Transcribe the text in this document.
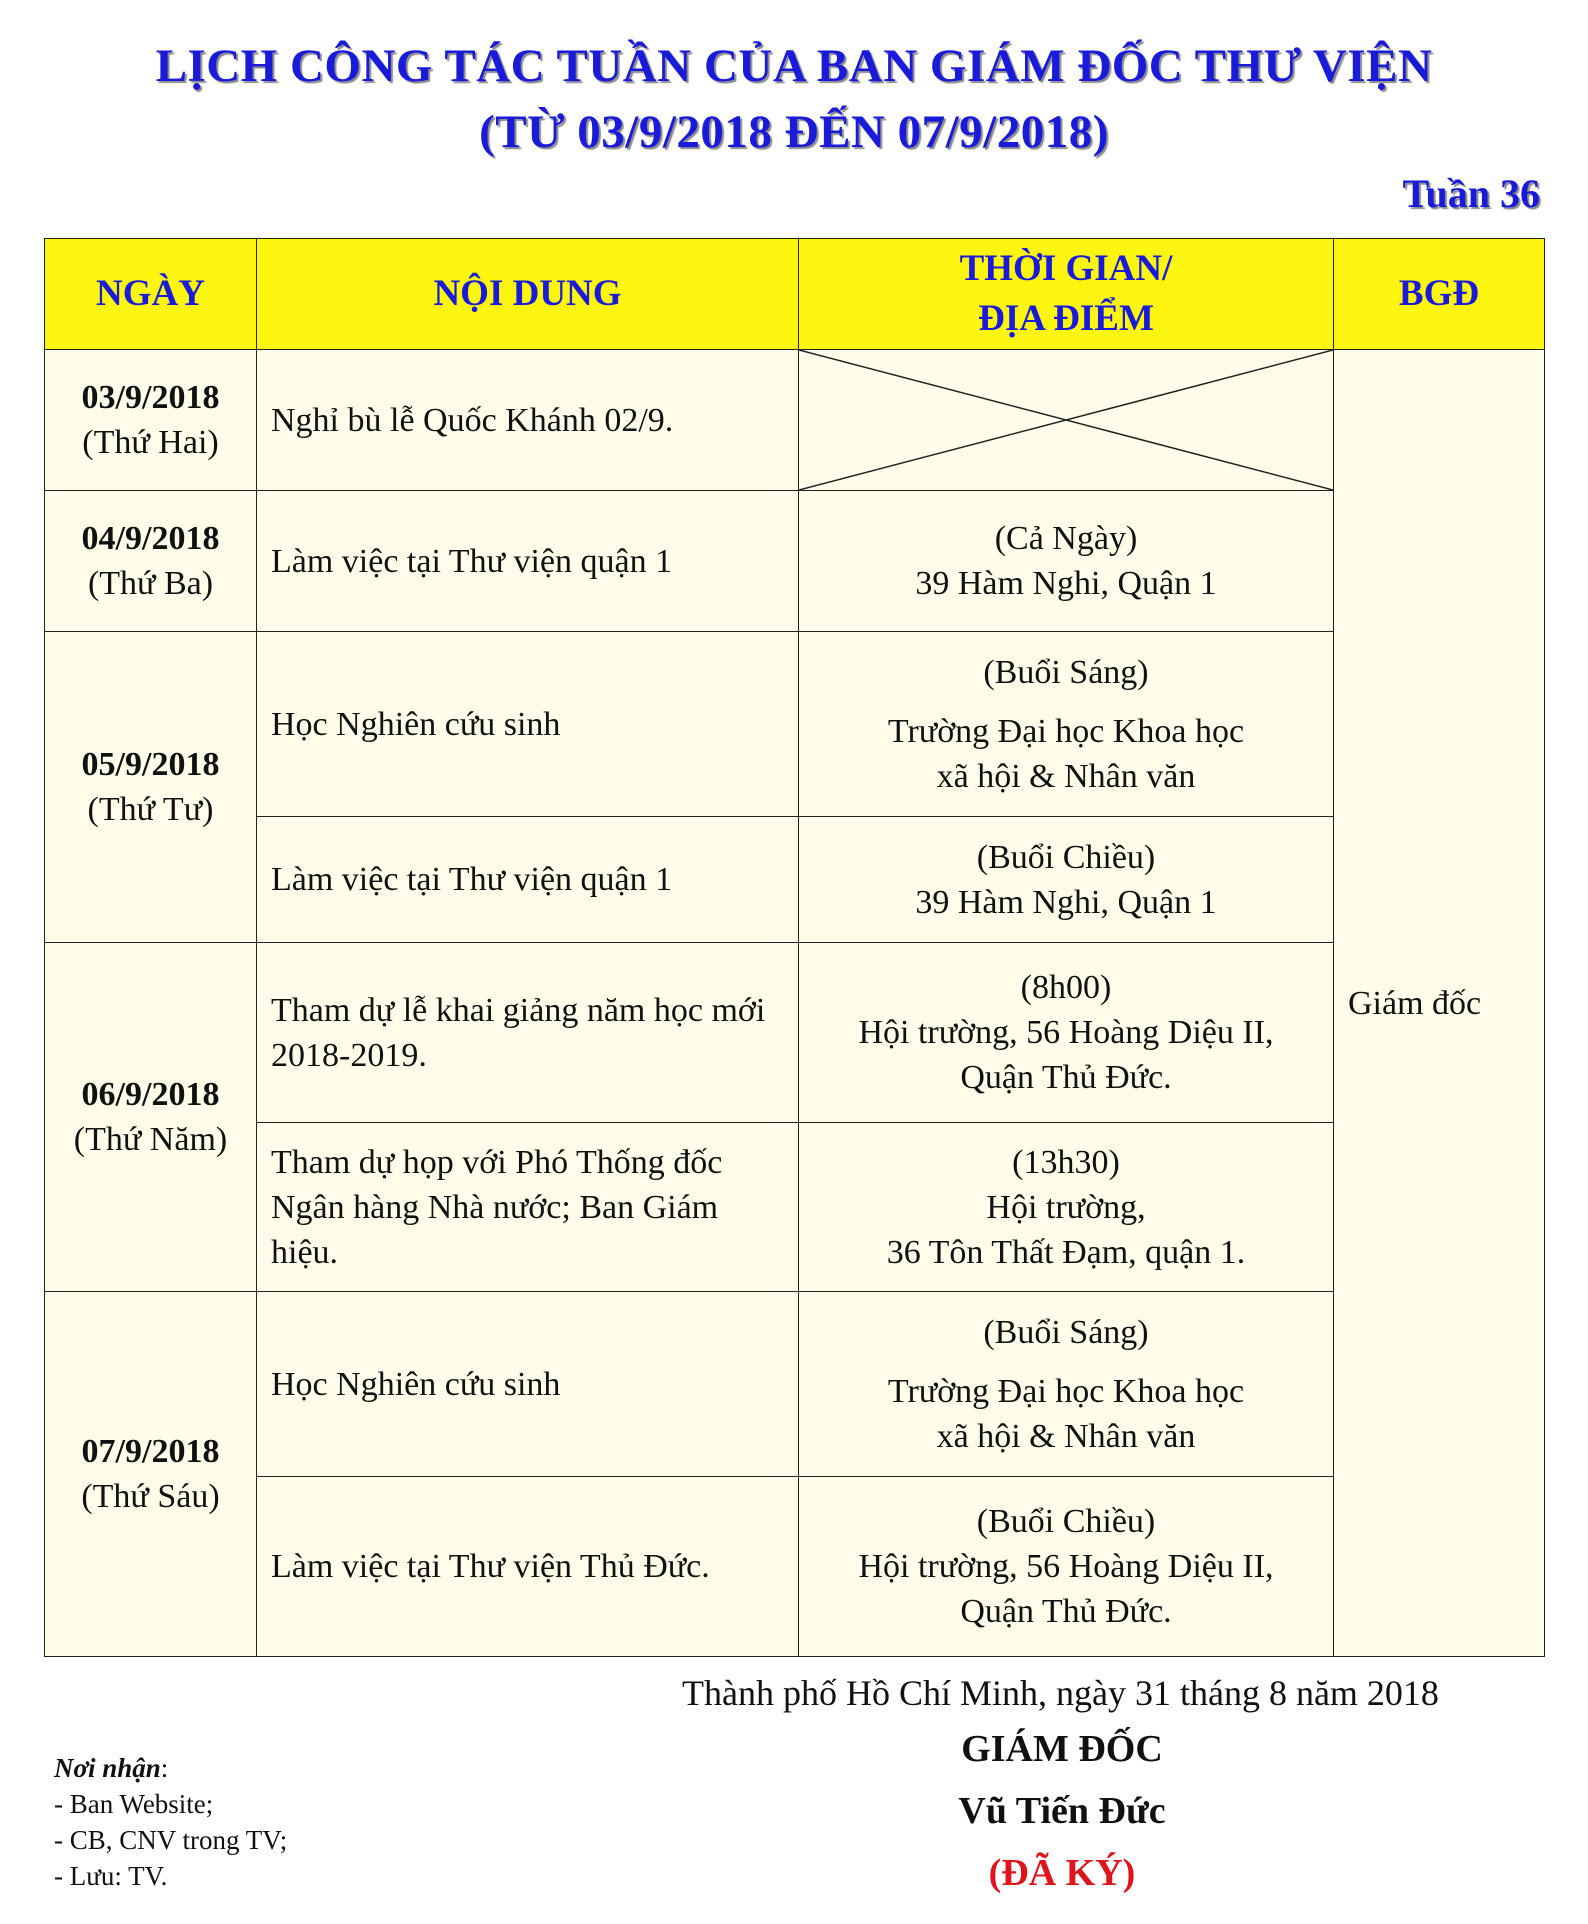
LỊCH CÔNG TÁC TUẦN CỦA BAN GIÁM ĐỐC THƯ VIỆN
(TỪ 03/9/2018 ĐẾN 07/9/2018)
Tuần 36
NGÀY	NỘI DUNG	THỜI GIAN/
ĐỊA ĐIỂM	BGĐ

03/9/2018
(Thứ Hai)	Nghỉ bù lễ Quốc Khánh 02/9.		Giám đốc

04/9/2018
(Thứ Ba)	Làm việc tại Thư viện quận 1	(Cả Ngày)
39 Hàm Nghi, Quận 1	

05/9/2018
(Thứ Tư)	Học Nghiên cứu sinh	(Buổi Sáng)
Trường Đại học Khoa học
xã hội & Nhân văn	

	Làm việc tại Thư viện quận 1	(Buổi Chiều)
39 Hàm Nghi, Quận 1	

06/9/2018
(Thứ Năm)	Tham dự lễ khai giảng năm học mới 2018-2019.	(8h00)
Hội trường, 56 Hoàng Diệu II,
Quận Thủ Đức.	

	Tham dự họp với Phó Thống đốc Ngân hàng Nhà nước; Ban Giám hiệu.	(13h30)
Hội trường,
36 Tôn Thất Đạm, quận 1.	

07/9/2018
(Thứ Sáu)	Học Nghiên cứu sinh	(Buổi Sáng)
Trường Đại học Khoa học
xã hội & Nhân văn	

	Làm việc tại Thư viện Thủ Đức.	(Buổi Chiều)
Hội trường, 56 Hoàng Diệu II,
Quận Thủ Đức.	
Thành phố Hồ Chí Minh, ngày 31 tháng 8 năm 2018
GIÁM ĐỐC
Vũ Tiến Đức
(ĐÃ KÝ)
Nơi nhận:
- Ban Website;
- CB, CNV trong TV;
- Lưu: TV.
